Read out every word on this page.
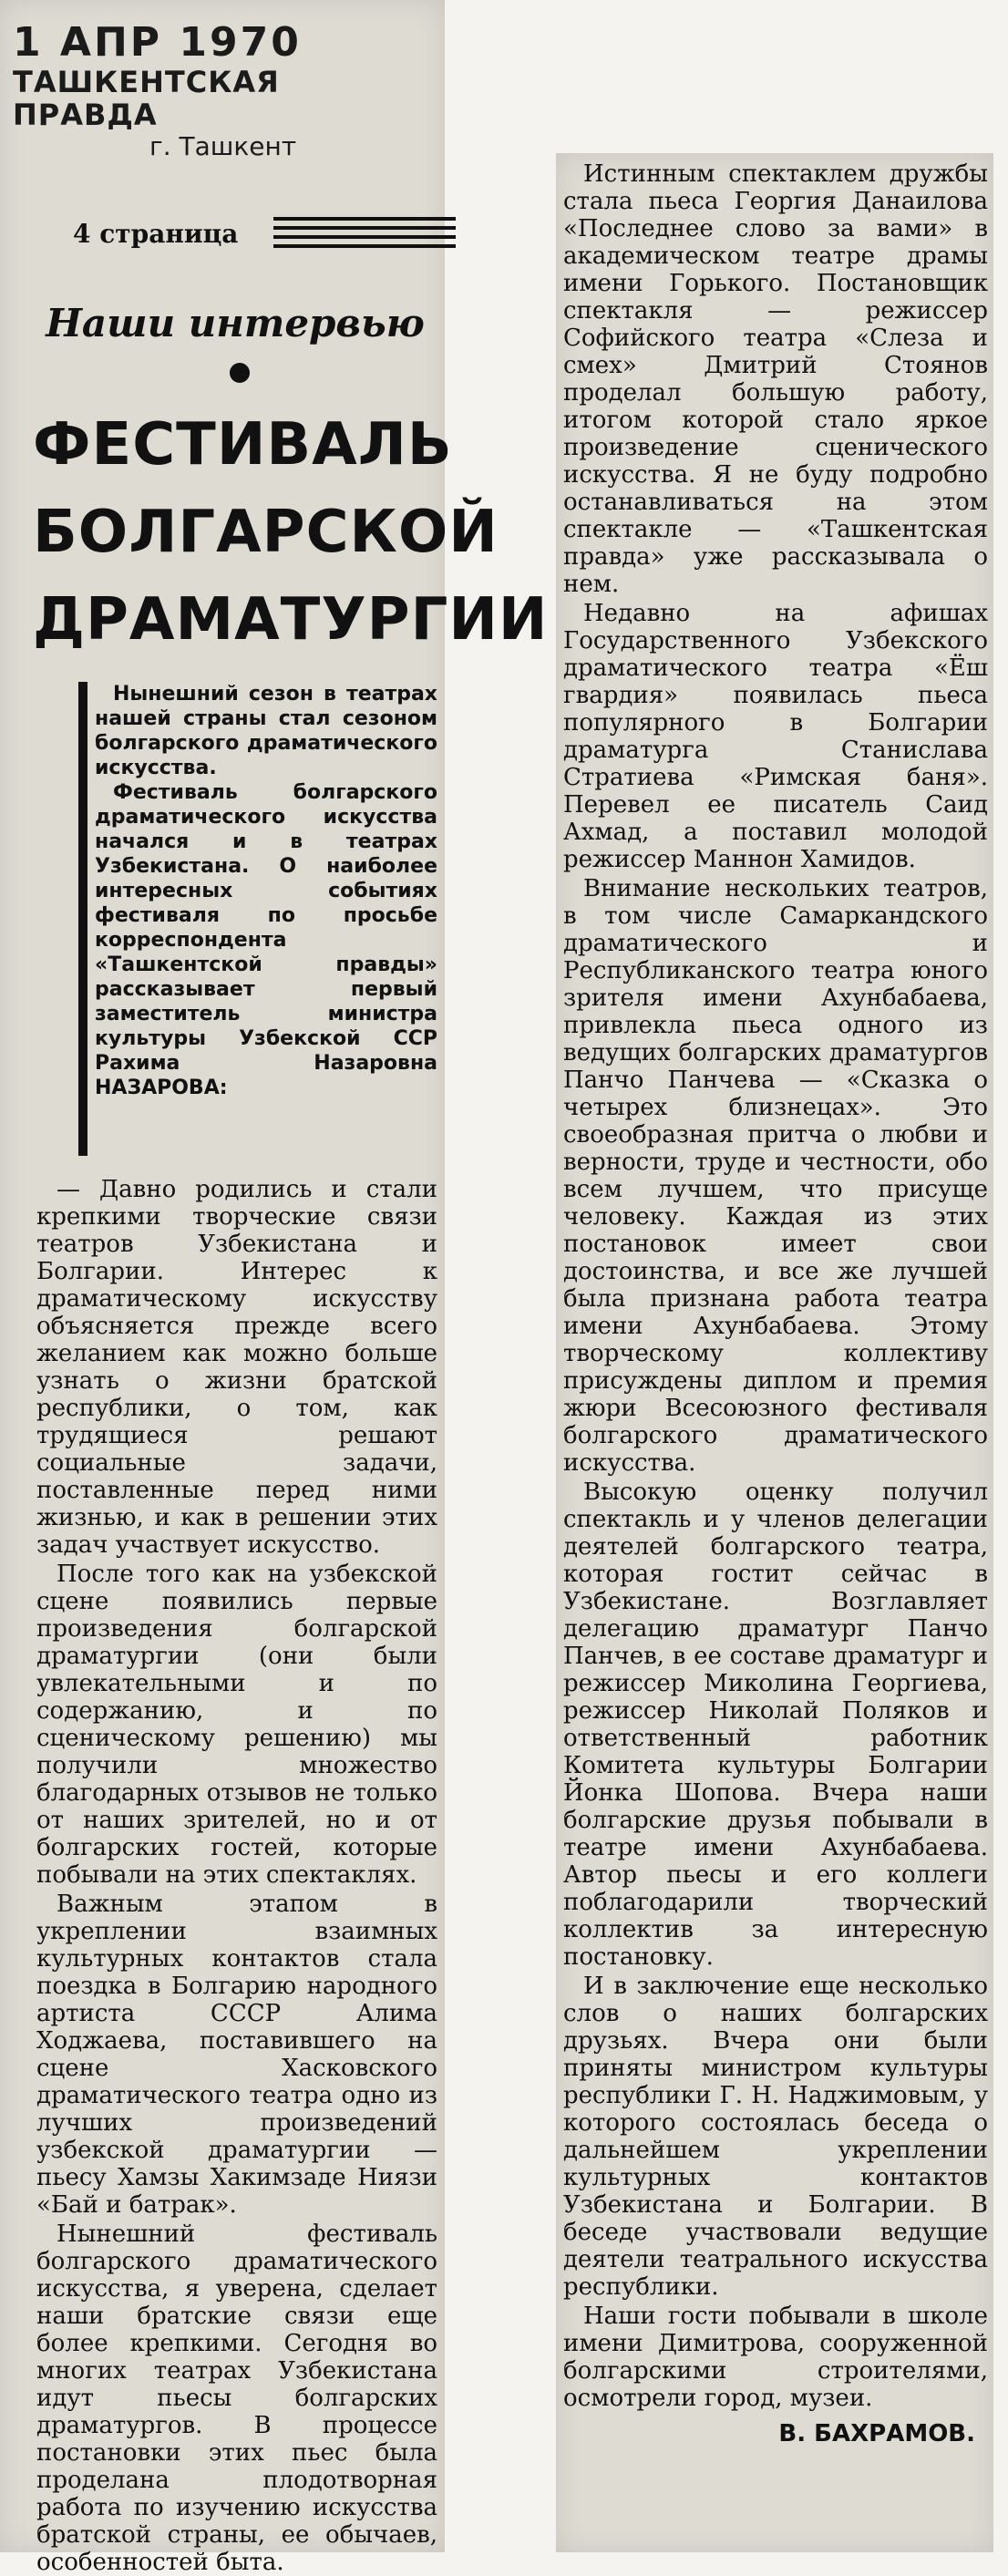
1 АПР 1970
ТАШКЕНТСКАЯ ПРАВДА
г. Ташкент
4 страница
Наши интервью
ФЕСТИВАЛЬ
БОЛГАРСКОЙ
ДРАМАТУРГИИ

Нынешний сезон в театрах нашей страны стал сезоном болгарского драматического искусства.

Фестиваль болгарского драматического искусства начался и в театрах Узбекистана. О наиболее интересных событиях фестиваля по просьбе корреспондента «Ташкентской правды» рассказывает первый заместитель министра культуры Узбекской ССР Рахима Назаровна НАЗАРОВА:

— Давно родились и стали крепкими творческие связи театров Узбекистана и Болгарии. Интерес к драматическому искусству объясняется прежде всего желанием как можно больше узнать о жизни братской республики, о том, как трудящиеся решают социальные задачи, поставленные перед ними жизнью, и как в решении этих задач участвует искусство.

После того как на узбекской сцене появились первые произведения болгарской драматургии (они были увлекательными и по содержанию, и по сценическому решению) мы получили множество благодарных отзывов не только от наших зрителей, но и от болгарских гостей, которые побывали на этих спектаклях.

Важным этапом в укреплении взаимных культурных контактов стала поездка в Болгарию народного артиста СССР Алима Ходжаева, поставившего на сцене Хасковского драматического театра одно из лучших произведений узбекской драматургии — пьесу Хамзы Хакимзаде Ниязи «Бай и батрак».

Нынешний фестиваль болгарского драматического искусства, я уверена, сделает наши братские связи еще более крепкими. Сегодня во многих театрах Узбекистана идут пьесы болгарских драматургов. В процессе постановки этих пьес была проделана плодотворная работа по изучению искусства братской страны, ее обычаев, особенностей быта.

Истинным спектаклем дружбы стала пьеса Георгия Данаилова «Последнее слово за вами» в академическом театре драмы имени Горького. Постановщик спектакля — режиссер Софийского театра «Слеза и смех» Дмитрий Стоянов проделал большую работу, итогом которой стало яркое произведение сценического искусства. Я не буду подробно останавливаться на этом спектакле — «Ташкентская правда» уже рассказывала о нем.

Недавно на афишах Государственного Узбекского драматического театра «Ёш гвардия» появилась пьеса популярного в Болгарии драматурга Станислава Стратиева «Римская баня». Перевел ее писатель Саид Ахмад, а поставил молодой режиссер Маннон Хамидов.

Внимание нескольких театров, в том числе Самаркандского драматического и Республиканского театра юного зрителя имени Ахунбабаева, привлекла пьеса одного из ведущих болгарских драматургов Панчо Панчева — «Сказка о четырех близнецах». Это своеобразная притча о любви и верности, труде и честности, обо всем лучшем, что присуще человеку. Каждая из этих постановок имеет свои достоинства, и все же лучшей была признана работа театра имени Ахунбабаева. Этому творческому коллективу присуждены диплом и премия жюри Всесоюзного фестиваля болгарского драматического искусства.

Высокую оценку получил спектакль и у членов делегации деятелей болгарского театра, которая гостит сейчас в Узбекистане. Возглавляет делегацию драматург Панчо Панчев, в ее составе драматург и режиссер Миколина Георгиева, режиссер Николай Поляков и ответственный работник Комитета культуры Болгарии Йонка Шопова. Вчера наши болгарские друзья побывали в театре имени Ахунбабаева. Автор пьесы и его коллеги поблагодарили творческий коллектив за интересную постановку.

И в заключение еще несколько слов о наших болгарских друзьях. Вчера они были приняты министром культуры республики Г. Н. Наджимовым, у которого состоялась беседа о дальнейшем укреплении культурных контактов Узбекистана и Болгарии. В беседе участвовали ведущие деятели театрального искусства республики.

Наши гости побывали в школе имени Димитрова, сооруженной болгарскими строителями, осмотрели город, музеи.

В. БАХРАМОВ.
